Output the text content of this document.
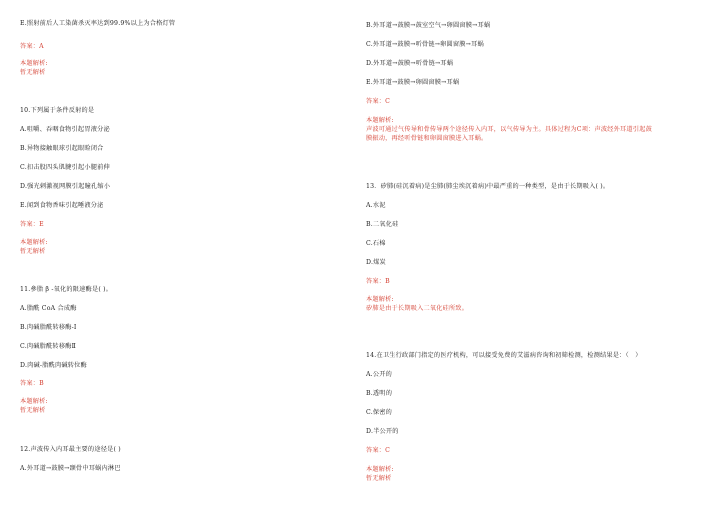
E.照射前后人工染菌杀灭率达到99.9%以上为合格灯管
答案：A
本题解析:
暂无解析
10.下列属于条件反射的是
A.咀嚼、吞咽食物引起胃液分泌
B.异物接触眼球引起眼睑闭合
C.扣击股四头肌腱引起小腿前伸
D.强光刺激视网膜引起瞳孔缩小
E.闻到食物香味引起唾液分泌
答案：E
本题解析:
暂无解析
11.參脂 β -氧化的限速酶是( )。
A.脂酰 CoA 合成酶
B.肉碱脂酰转移酶-Ⅰ
C.肉碱脂酰转移酶Ⅱ
D.肉碱-脂酰肉碱转位酶
答案：B
本题解析:
暂无解析
12.声波传入内耳最主要的途径是( )
A.外耳道→鼓膜→颞骨中耳蜗内淋巴
B.外耳道→鼓膜→鼓室空气→卵圆窗膜→耳蜗
C.外耳道→鼓膜→听骨链→卵圆窗膜→耳蜗
D.外耳道→鼓膜→听骨链→耳蜗
E.外耳道→鼓膜→卵圆窗膜→耳蜗
答案：C
本题解析:
声波可通过气传导和骨传导两个途径传入内耳，以气传导为主。具体过程为C项：声波经外耳道引起鼓
膜振动，再经听骨链和卵圆窗膜进入耳蜗。
13．矽肺(硅沉着病)是尘肺(肺尘埃沉着病)中最严重的一种类型，是由于长期吸入( )。
A.水泥
B.二氧化硅
C.石棉
D.煤炭
答案：B
本题解析:
矽肺是由于长期吸入二氧化硅所致。
14.在卫生行政部门指定的医疗机构，可以接受免费的艾滋病咨询和初筛检测，检测结果是：（　）
A.公开的
B.透明的
C.保密的
D.半公开的
答案：C
本题解析:
暂无解析
